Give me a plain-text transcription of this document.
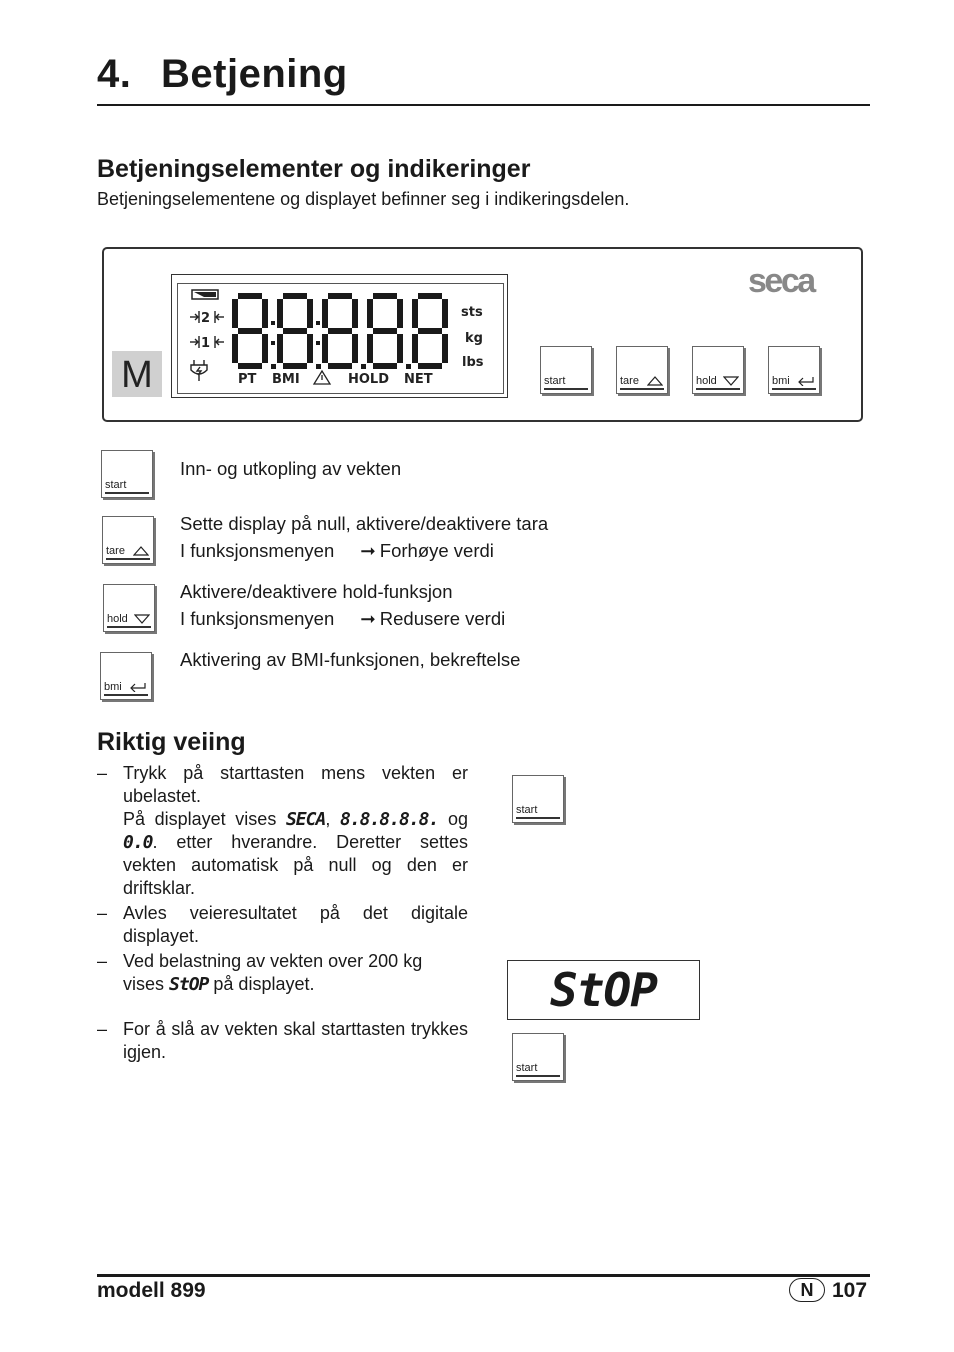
4. Betjening
Betjeningselementer og indikeringer
Betjeningselementene og displayet befinner seg i indikeringsdelen.
M
2
1
sts
kg
lbs
PT BMI	HOLD NET
seca
start	tare	hold	bmi
start
Inn- og utkopling av vekten
tare
Sette display på null, aktivere/deaktivere tara
I funksjonsmenyen ➞ Forhøye verdi
hold
Aktivere/deaktivere hold-funksjon
I funksjonsmenyen ➞ Redusere verdi
bmi
Aktivering av BMI-funksjonen, bekreftelse
Riktig veiing
– Trykk på starttasten mens vekten er ubelastet.
På displayet vises SECA, 8.8.8.8.8. og 0.0. etter hverandre. Deretter settes vekten automatisk på null og den er driftsklar.
– Avles veieresultatet på det digitale displayet.
– Ved belastning av vekten over 200 kg vises StOP på displayet.
– For å slå av vekten skal starttasten trykkes igjen.
start
StOP
start
modell 899	N 107
